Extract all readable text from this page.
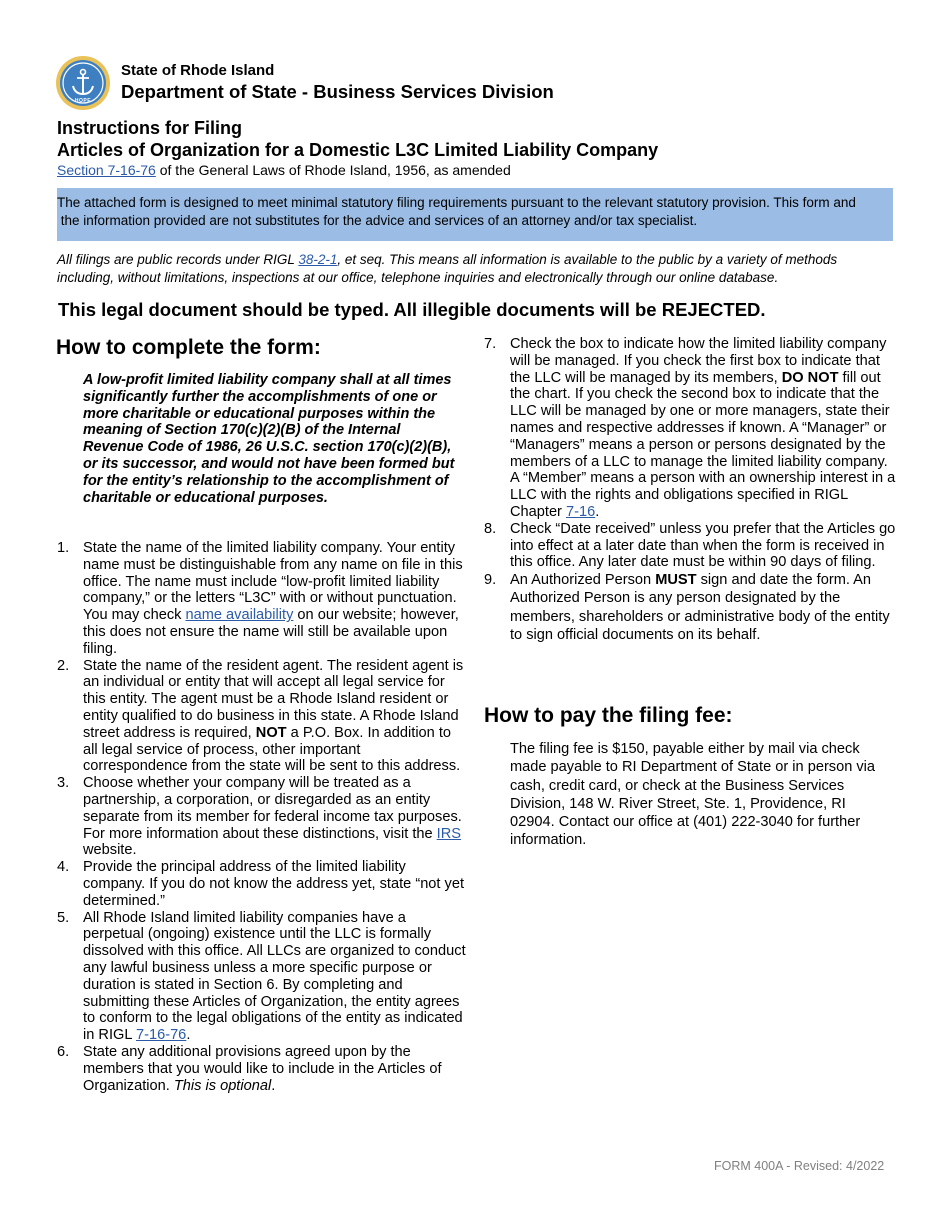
HOPE
State of Rhode Island
Department of State - Business Services Division
Instructions for Filing
Articles of Organization for a Domestic L3C Limited Liability Company
Section 7-16-76 of the General Laws of Rhode Island, 1956, as amended
The attached form is designed to meet minimal statutory filing requirements pursuant to the relevant statutory provision. This form and
the information provided are not substitutes for the advice and services of an attorney and/or tax specialist.
All filings are public records under RIGL 38-2-1, et seq. This means all information is available to the public by a variety of methods including, without limitations, inspections at our office, telephone inquiries and electronically through our online database.
This legal document should be typed. All illegible documents will be REJECTED.
How to complete the form:
A low-profit limited liability company shall at all times significantly further the accomplishments of one or more charitable or educational purposes within the meaning of Section 170(c)(2)(B) of the Internal Revenue Code of 1986, 26 U.S.C. section 170(c)(2)(B), or its successor, and would not have been formed but for the entity’s relationship to the accomplishment of charitable or educational purposes.
1. State the name of the limited liability company. Your entity name must be distinguishable from any name on file in this office. The name must include “low-profit limited liability company,” or the letters “L3C” with or without punctuation. You may check name availability on our website; however, this does not ensure the name will still be available upon filing.
2. State the name of the resident agent. The resident agent is an individual or entity that will accept all legal service for this entity. The agent must be a Rhode Island resident or entity qualified to do business in this state. A Rhode Island street address is required, NOT a P.O. Box. In addition to all legal service of process, other important correspondence from the state will be sent to this address.
3. Choose whether your company will be treated as a partnership, a corporation, or disregarded as an entity separate from its member for federal income tax purposes. For more information about these distinctions, visit the IRS website.
4. Provide the principal address of the limited liability company. If you do not know the address yet, state “not yet determined.”
5. All Rhode Island limited liability companies have a perpetual (ongoing) existence until the LLC is formally dissolved with this office. All LLCs are organized to conduct any lawful business unless a more specific purpose or duration is stated in Section 6. By completing and submitting these Articles of Organization, the entity agrees to conform to the legal obligations of the entity as indicated in RIGL 7-16-76.
6. State any additional provisions agreed upon by the members that you would like to include in the Articles of Organization. This is optional.
7. Check the box to indicate how the limited liability company will be managed. If you check the first box to indicate that the LLC will be managed by its members, DO NOT fill out the chart. If you check the second box to indicate that the LLC will be managed by one or more managers, state their names and respective addresses if known. A “Manager” or “Managers” means a person or persons designated by the members of a LLC to manage the limited liability company. A “Member” means a person with an ownership interest in a LLC with the rights and obligations specified in RIGL Chapter 7-16.
8. Check “Date received” unless you prefer that the Articles go into effect at a later date than when the form is received in this office. Any later date must be within 90 days of filing.
9. An Authorized Person MUST sign and date the form. An Authorized Person is any person designated by the members, shareholders or administrative body of the entity to sign official documents on its behalf.
How to pay the filing fee:
The filing fee is $150, payable either by mail via check made payable to RI Department of State or in person via cash, credit card, or check at the Business Services Division, 148 W. River Street, Ste. 1, Providence, RI 02904. Contact our office at (401) 222-3040 for further information.
FORM 400A - Revised: 4/2022
